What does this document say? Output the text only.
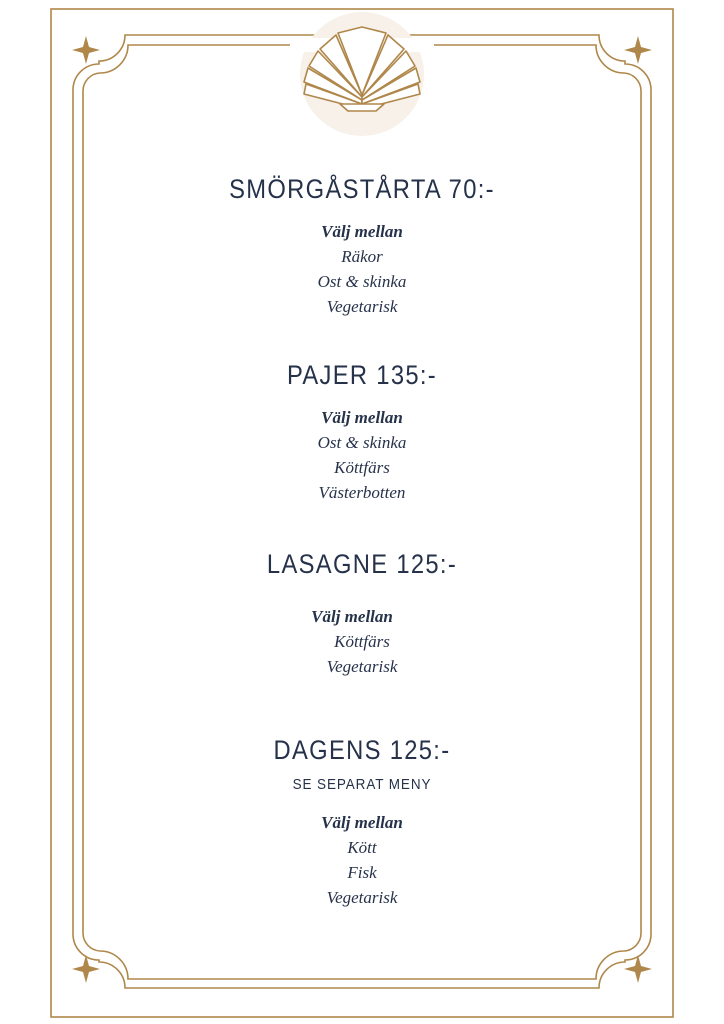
SMÖRGÅSTÅRTA 70:-
Välj mellan
Räkor
Ost & skinka
Vegetarisk
PAJER 135:-
Välj mellan
Ost & skinka
Köttfärs
Västerbotten
LASAGNE 125:-
Välj mellan
Köttfärs
Vegetarisk
DAGENS 125:-
SE SEPARAT MENY
Välj mellan
Kött
Fisk
Vegetarisk
